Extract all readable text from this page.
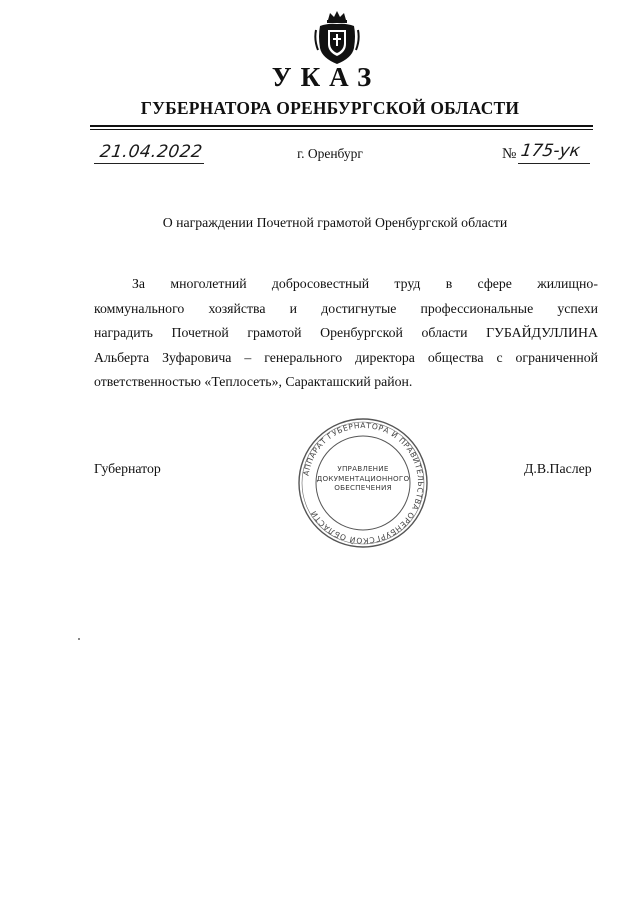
УКАЗ
ГУБЕРНАТОРА ОРЕНБУРГСКОЙ ОБЛАСТИ
21.04.2022	г. Оренбург	№ 175-ук
О награждении Почетной грамотой Оренбургской области
За многолетний добросовестный труд в сфере жилищно-
коммунального хозяйства и достигнутые профессиональные успехи
наградить Почетной грамотой Оренбургской области ГУБАЙДУЛЛИНА
Альберта Зуфаровича – генерального директора общества с ограниченной
ответственностью «Теплосеть», Саракташский район.
Губернатор	Д.В.Паслер
АППАРАТ ГУБЕРНАТОРА И ПРАВИТЕЛЬСТВА ОРЕНБУРГСКОЙ ОБЛАСТИ
УПРАВЛЕНИЕ
ДОКУМЕНТАЦИОННОГО
ОБЕСПЕЧЕНИЯ
